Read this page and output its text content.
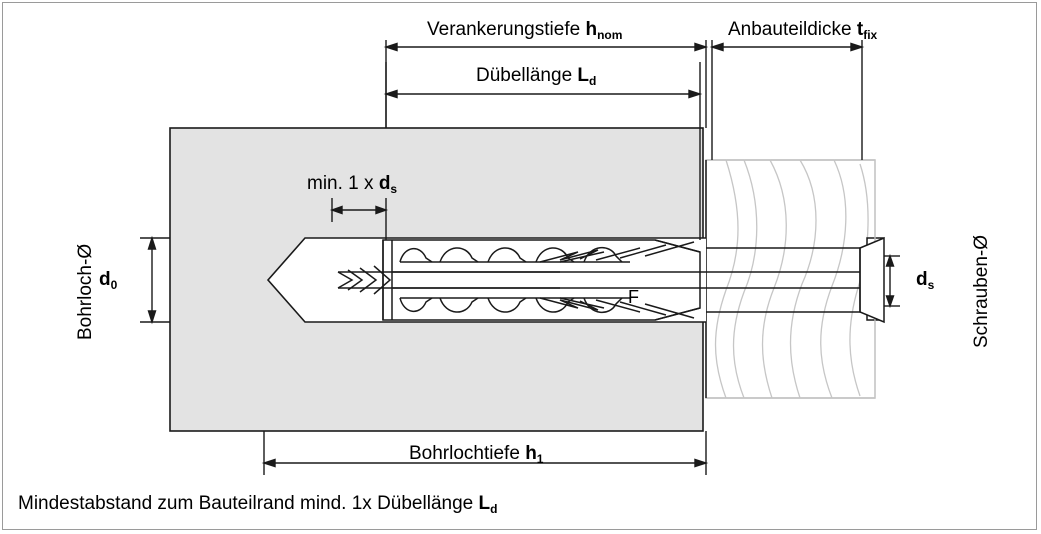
Verankerungstiefe $h_{nom}$	Anbauteildicke $t_{fix}$
Dübellänge $L_d$
min. 1 x $d_s$
Bohrloch-Ø $d_0$	Schrauben-Ø
$d_s$
F
Bohrlochtiefe $h_1$
Mindestabstand zum Bauteilrand mind. 1x Dübellänge $L_d$
